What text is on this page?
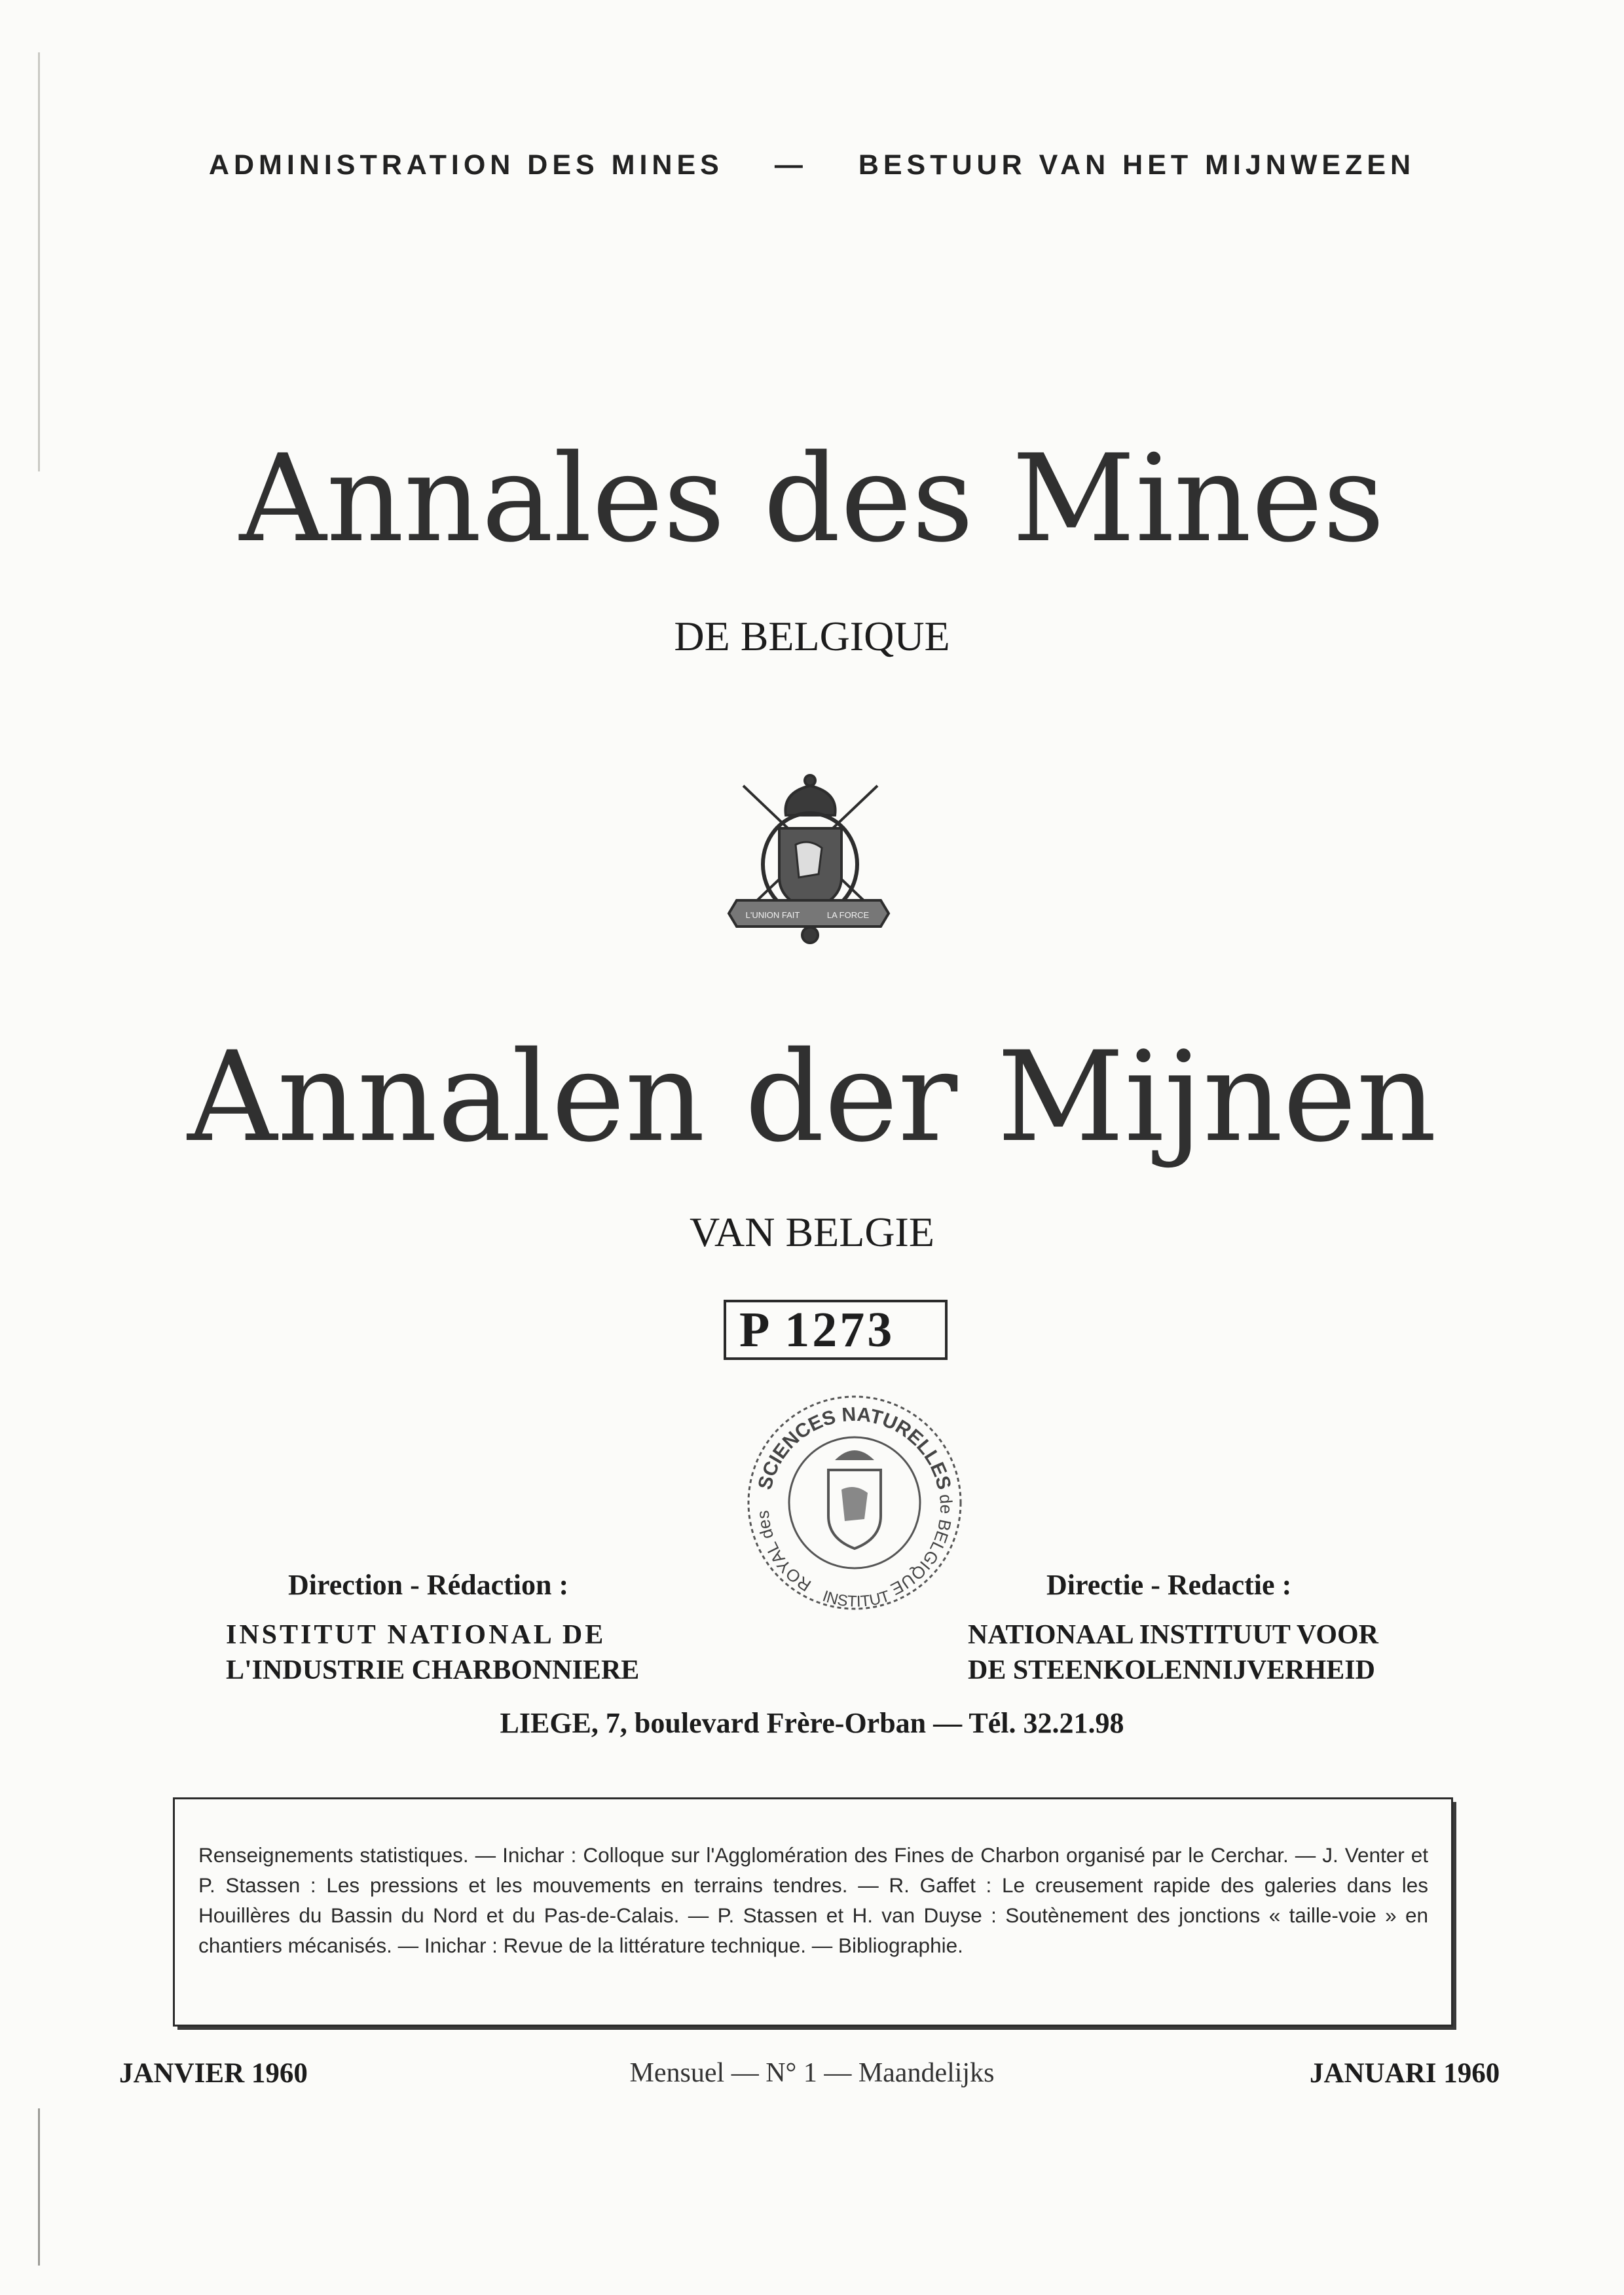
ADMINISTRATION DES MINES — BESTUUR VAN HET MIJNWEZEN
Annales des Mines
DE BELGIQUE
L'UNION FAIT	LA FORCE
Annalen der Mijnen
VAN BELGIE
P 1273
SCIENCES NATURELLES
ROYAL des
de BELGIQUE
INSTITUT
Direction - Rédaction :
INSTITUT NATIONAL DE
L'INDUSTRIE CHARBONNIERE
Directie - Redactie :
NATIONAAL INSTITUUT VOOR
DE STEENKOLENNIJVERHEID
LIEGE, 7, boulevard Frère-Orban — Tél. 32.21.98
Renseignements statistiques. — Inichar : Colloque sur l'Agglomération des Fines de Charbon organisé par le Cerchar. — J. Venter et P. Stassen : Les pressions et les mouvements en terrains tendres. — R. Gaffet : Le creusement rapide des galeries dans les Houillères du Bassin du Nord et du Pas-de-Calais. — P. Stassen et H. van Duyse : Soutènement des jonctions « taille-voie » en chantiers mécanisés. — Inichar : Revue de la littérature technique. — Bibliographie.
JANVIER 1960	Mensuel — N° 1 — Maandelijks	JANUARI 1960
